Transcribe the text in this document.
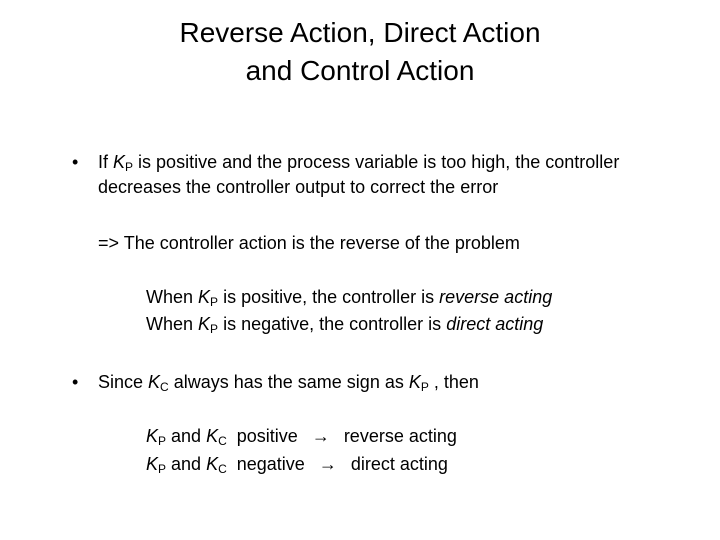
Reverse Action, Direct Action
and Control Action
• If $K_P$ is positive and the process variable is too high, the controller
decreases the controller output to correct the error
=> The controller action is the reverse of the problem
When $K_P$ is positive, the controller is reverse acting
When $K_P$ is negative, the controller is direct acting
• Since $K_C$ always has the same sign as $K_P$ , then
$K_P$ and $K_C$  positive → reverse acting
$K_P$ and $K_C$  negative → direct acting
